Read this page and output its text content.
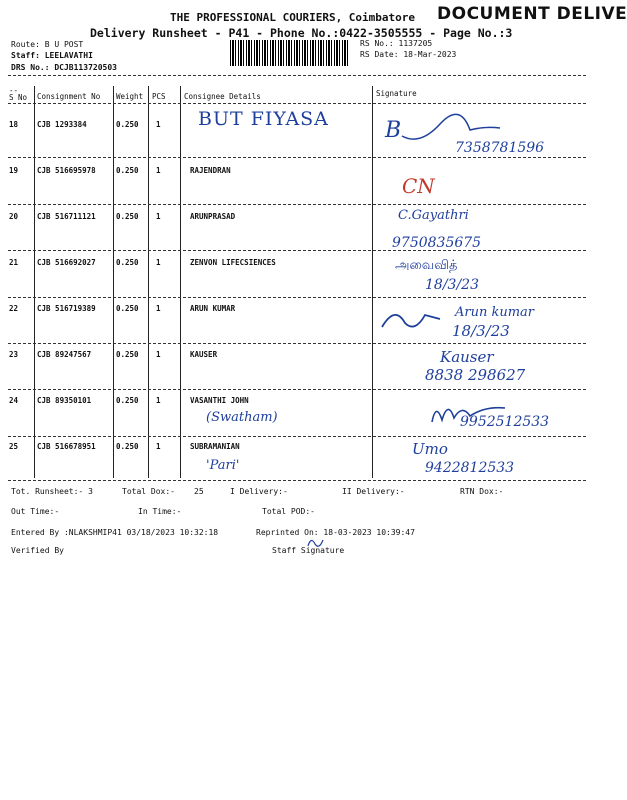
THE PROFESSIONAL COURIERS, Coimbatore DOCUMENT DELIVE
Delivery Runsheet - P41 - Phone No.:0422-3505555 - Page No.:3
Route: B U POST
Staff: LEELAVATHI
DRS No.: DCJB113720503
RS No.: 1137205
RS Date: 18-Mar-2023
--
S No Consignment No Weight PCS Consignee Details	Signature
18	CJB 1293384	0.250 1 BUT FIYASA	B
7358781596
19	CJB 516695978	0.250 1	RAJENDRAN
CN
20	CJB 516711121	0.250 1	ARUNPRASAD	C.Gayathri
9750835675
21	CJB 516692027	0.250 1	ZENVON LIFECSIENCES	அவைவித்
18/3/23
22	CJB 516719389	0.250 1	ARUN KUMAR	Arun kumar
18/3/23
23	CJB 89247567	0.250 1	KAUSER	Kauser
8838 298627
24	CJB 89350101	0.250 1	VASANTHI JOHN
(Swatham)	9952512533
25	CJB 516678951	0.250 1	SUBRAMANIAN
'Pari'
Umo
9422812533
Tot. Runsheet:- 3	Total Dox:- 25	I Delivery:-	II Delivery:-	RTN Dox:-
Out Time:-	In Time:-	Total POD:-
Entered By :NLAKSHMIP41 03/18/2023 10:32:18	Reprinted On: 18-03-2023 10:39:47
Verified By	Staff Signature
